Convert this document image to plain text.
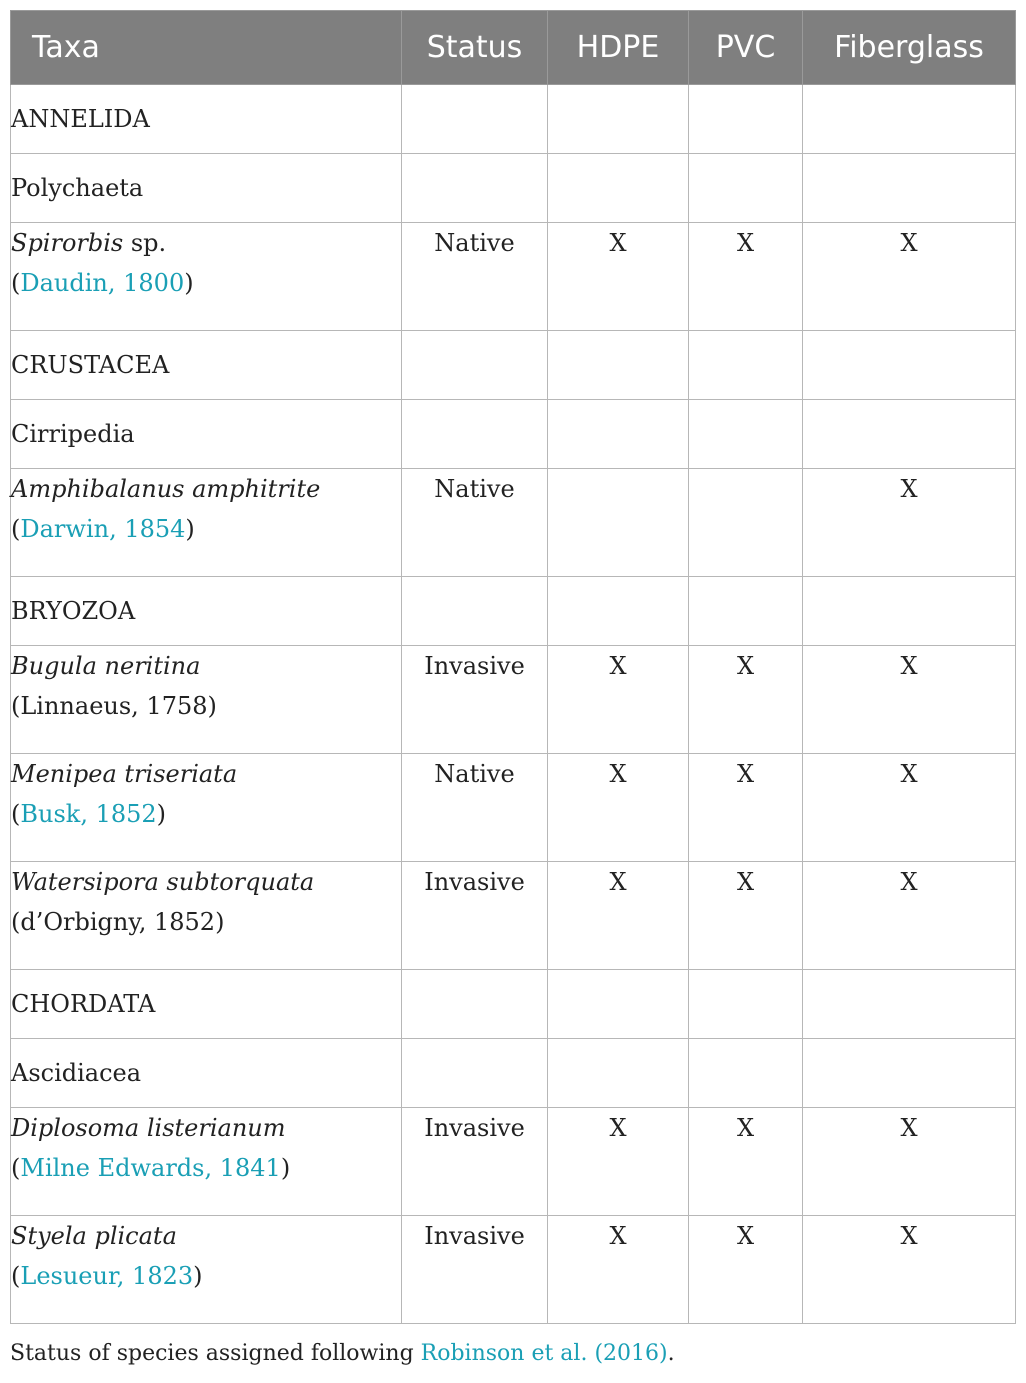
Taxa	Status	HDPE	PVC	Fiberglass
ANNELIDA				
Polychaeta				
Spirorbis sp.
(Daudin, 1800)	Native	X	X	X
CRUSTACEA				
Cirripedia				
Amphibalanus amphitrite
(Darwin, 1854)	Native			X
BRYOZOA				
Bugula neritina
(Linnaeus, 1758)	Invasive	X	X	X
Menipea triseriata
(Busk, 1852)	Native	X	X	X
Watersipora subtorquata
(d’Orbigny, 1852)	Invasive	X	X	X
CHORDATA				
Ascidiacea				
Diplosoma listerianum
(Milne Edwards, 1841)	Invasive	X	X	X
Styela plicata
(Lesueur, 1823)	Invasive	X	X	X
Status of species assigned following Robinson et al. (2016).
